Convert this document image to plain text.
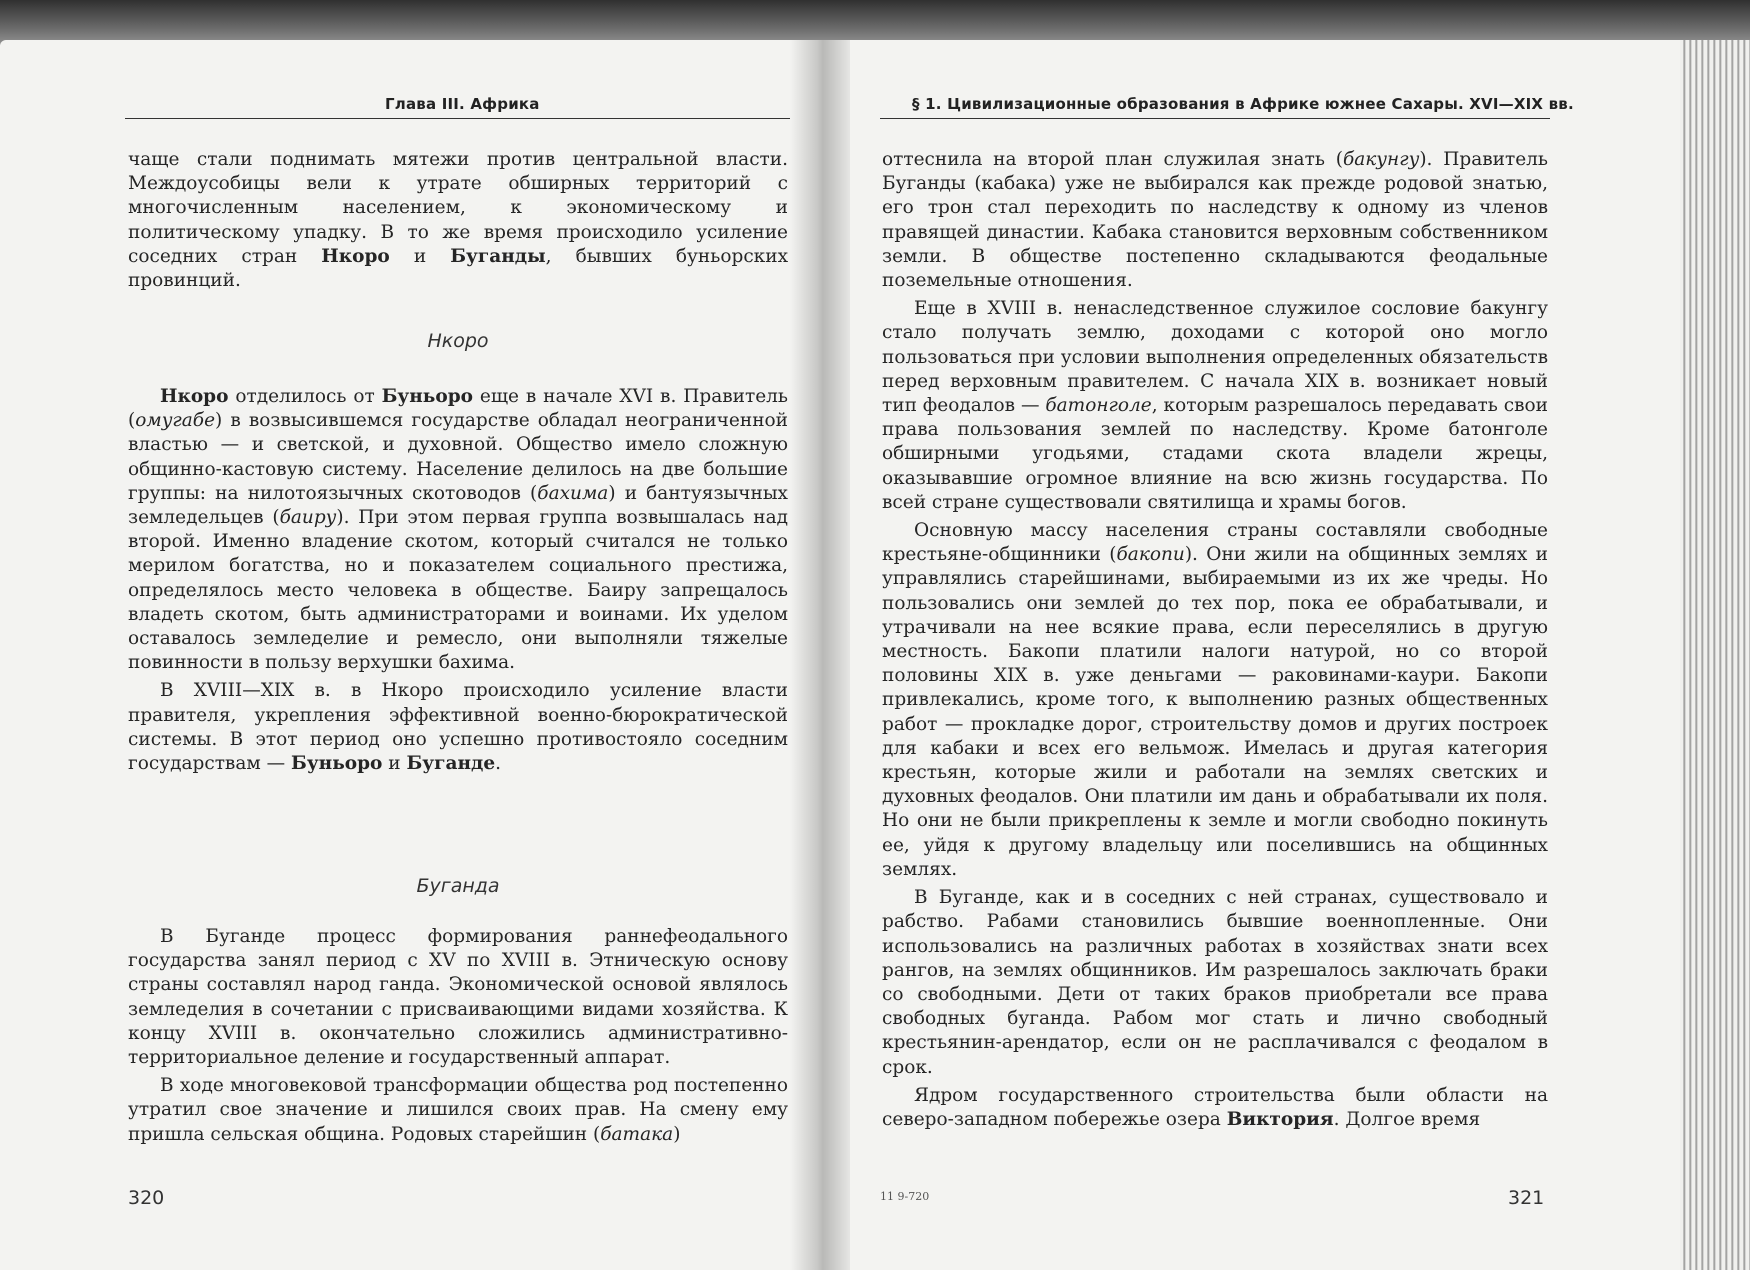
Глава III. Африка

чаще стали поднимать мятежи против центральной власти. Междоусобицы вели к утрате обширных территорий с многочисленным населением, к экономическому и политическому упадку. В то же время происходило усиление соседних стран Нкоро и Буганды, бывших буньорских провинций.

Нкоро

Нкоро отделилось от Буньоро еще в начале XVI в. Правитель (омугабе) в возвысившемся государстве обладал неограниченной властью — и светской, и духовной. Общество имело сложную общинно-кастовую систему. Население делилось на две большие группы: на нилотоязычных скотоводов (бахима) и бантуязычных земледельцев (баиру). При этом первая группа возвышалась над второй. Именно владение скотом, который считался не только мерилом богатства, но и показателем социального престижа, определялось место человека в обществе. Баиру запрещалось владеть скотом, быть администраторами и воинами. Их уделом оставалось земледелие и ремесло, они выполняли тяжелые повинности в пользу верхушки бахима.

В XVIII—XIX в. в Нкоро происходило усиление власти правителя, укрепления эффективной военно-бюрократической системы. В этот период оно успешно противостояло соседним государствам — Буньоро и Буганде.

Буганда

В Буганде процесс формирования раннефеодального государства занял период с XV по XVIII в. Этническую основу страны составлял народ ганда. Экономической основой являлось земледелия в сочетании с присваивающими видами хозяйства. К концу XVIII в. окончательно сложились административно-территориальное деление и государственный аппарат.

В ходе многовековой трансформации общества род постепенно утратил свое значение и лишился своих прав. На смену ему пришла сельская община. Родовых старейшин (батака)

320
§ 1. Цивилизационные образования в Африке южнее Сахары. XVI—XIX вв.

оттеснила на второй план служилая знать (бакунгу). Правитель Буганды (кабака) уже не выбирался как прежде родовой знатью, его трон стал переходить по наследству к одному из членов правящей династии. Кабака становится верховным собственником земли. В обществе постепенно складываются феодальные поземельные отношения.

Еще в XVIII в. ненаследственное служилое сословие бакунгу стало получать землю, доходами с которой оно могло пользоваться при условии выполнения определенных обязательств перед верховным правителем. С начала XIX в. возникает новый тип феодалов — батонголе, которым разрешалось передавать свои права пользования землей по наследству. Кроме батонголе обширными угодьями, стадами скота владели жрецы, оказывавшие огромное влияние на всю жизнь государства. По всей стране существовали святилища и храмы богов.

Основную массу населения страны составляли свободные крестьяне-общинники (бакопи). Они жили на общинных землях и управлялись старейшинами, выбираемыми из их же чреды. Но пользовались они землей до тех пор, пока ее обрабатывали, и утрачивали на нее всякие права, если переселялись в другую местность. Бакопи платили налоги натурой, но со второй половины XIX в. уже деньгами — раковинами-каури. Бакопи привлекались, кроме того, к выполнению разных общественных работ — прокладке дорог, строительству домов и других построек для кабаки и всех его вельмож. Имелась и другая категория крестьян, которые жили и работали на землях светских и духовных феодалов. Они платили им дань и обрабатывали их поля. Но они не были прикреплены к земле и могли свободно покинуть ее, уйдя к другому владельцу или поселившись на общинных землях.

В Буганде, как и в соседних с ней странах, существовало и рабство. Рабами становились бывшие военнопленные. Они использовались на различных работах в хозяйствах знати всех рангов, на землях общинников. Им разрешалось заключать браки со свободными. Дети от таких браков приобретали все права свободных буганда. Рабом мог стать и лично свободный крестьянин-арендатор, если он не расплачивался с феодалом в срок.

Ядром государственного строительства были области на северо-западном побережье озера Виктория. Долгое время

11 9-720	321
